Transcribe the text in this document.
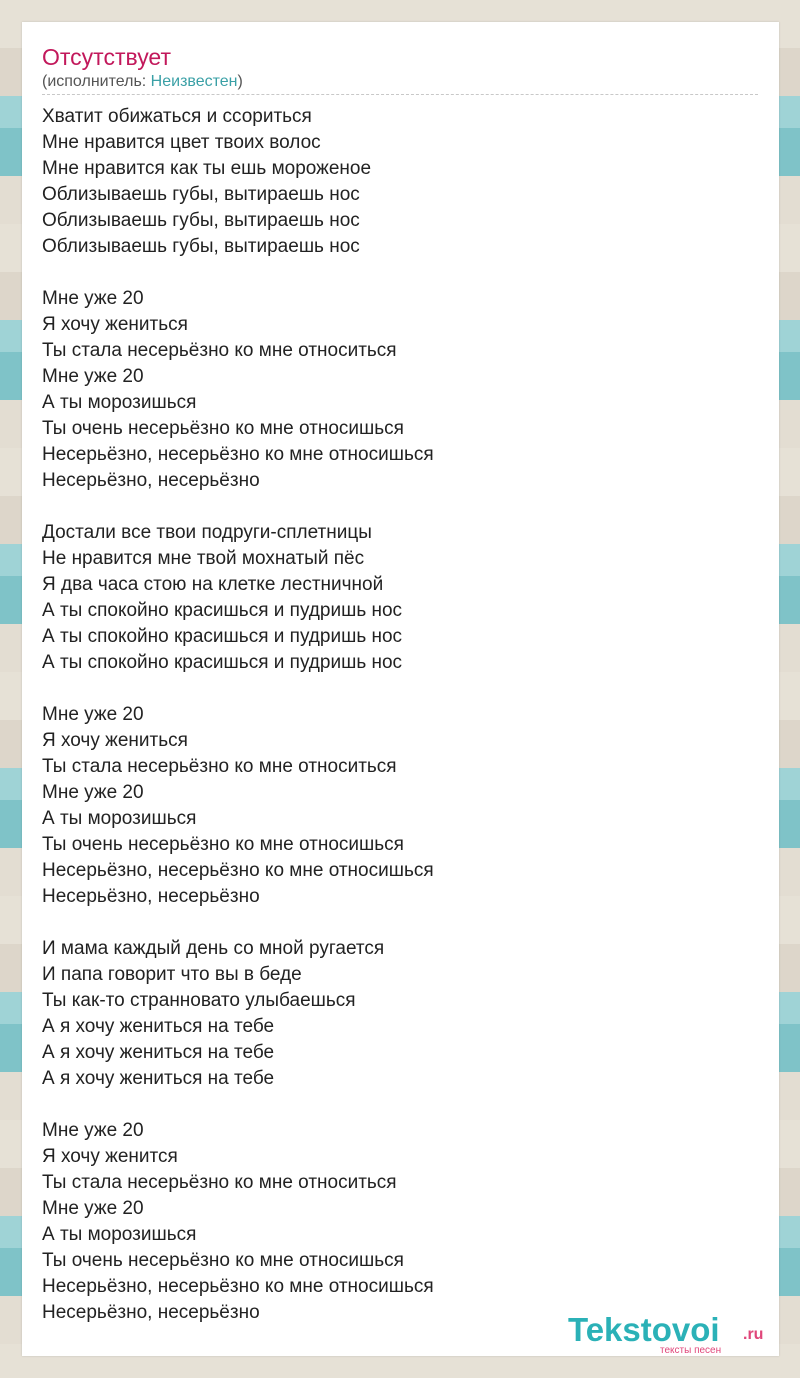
Отсутствует
(исполнитель: Неизвестен)
Хватит обижаться и ссориться
Мне нравится цвет твоих волос
Мне нравится как ты ешь мороженое
Облизываешь губы, вытираешь нос
Облизываешь губы, вытираешь нос
Облизываешь губы, вытираешь нос
Мне уже 20
Я хочу жениться
Ты стала несерьёзно ко мне относиться
Мне уже 20
А ты морозишься
Ты очень несерьёзно ко мне относишься
Несерьёзно, несерьёзно ко мне относишься
Несерьёзно, несерьёзно
Достали все твои подруги-сплетницы
Не нравится мне твой мохнатый пёс
Я два часа стою на клетке лестничной
А ты спокойно красишься и пудришь нос
А ты спокойно красишься и пудришь нос
А ты спокойно красишься и пудришь нос
Мне уже 20
Я хочу жениться
Ты стала несерьёзно ко мне относиться
Мне уже 20
А ты морозишься
Ты очень несерьёзно ко мне относишься
Несерьёзно, несерьёзно ко мне относишься
Несерьёзно, несерьёзно
И мама каждый день со мной ругается
И папа говорит что вы в беде
Ты как-то странновато улыбаешься
А я хочу жениться на тебе
А я хочу жениться на тебе
А я хочу жениться на тебе
Мне уже 20
Я хочу женится
Ты стала несерьёзно ко мне относиться
Мне уже 20
А ты морозишься
Ты очень несерьёзно ко мне относишься
Несерьёзно, несерьёзно ко мне относишься
Несерьёзно, несерьёзно	Tekstovoi .ru
тексты песен
